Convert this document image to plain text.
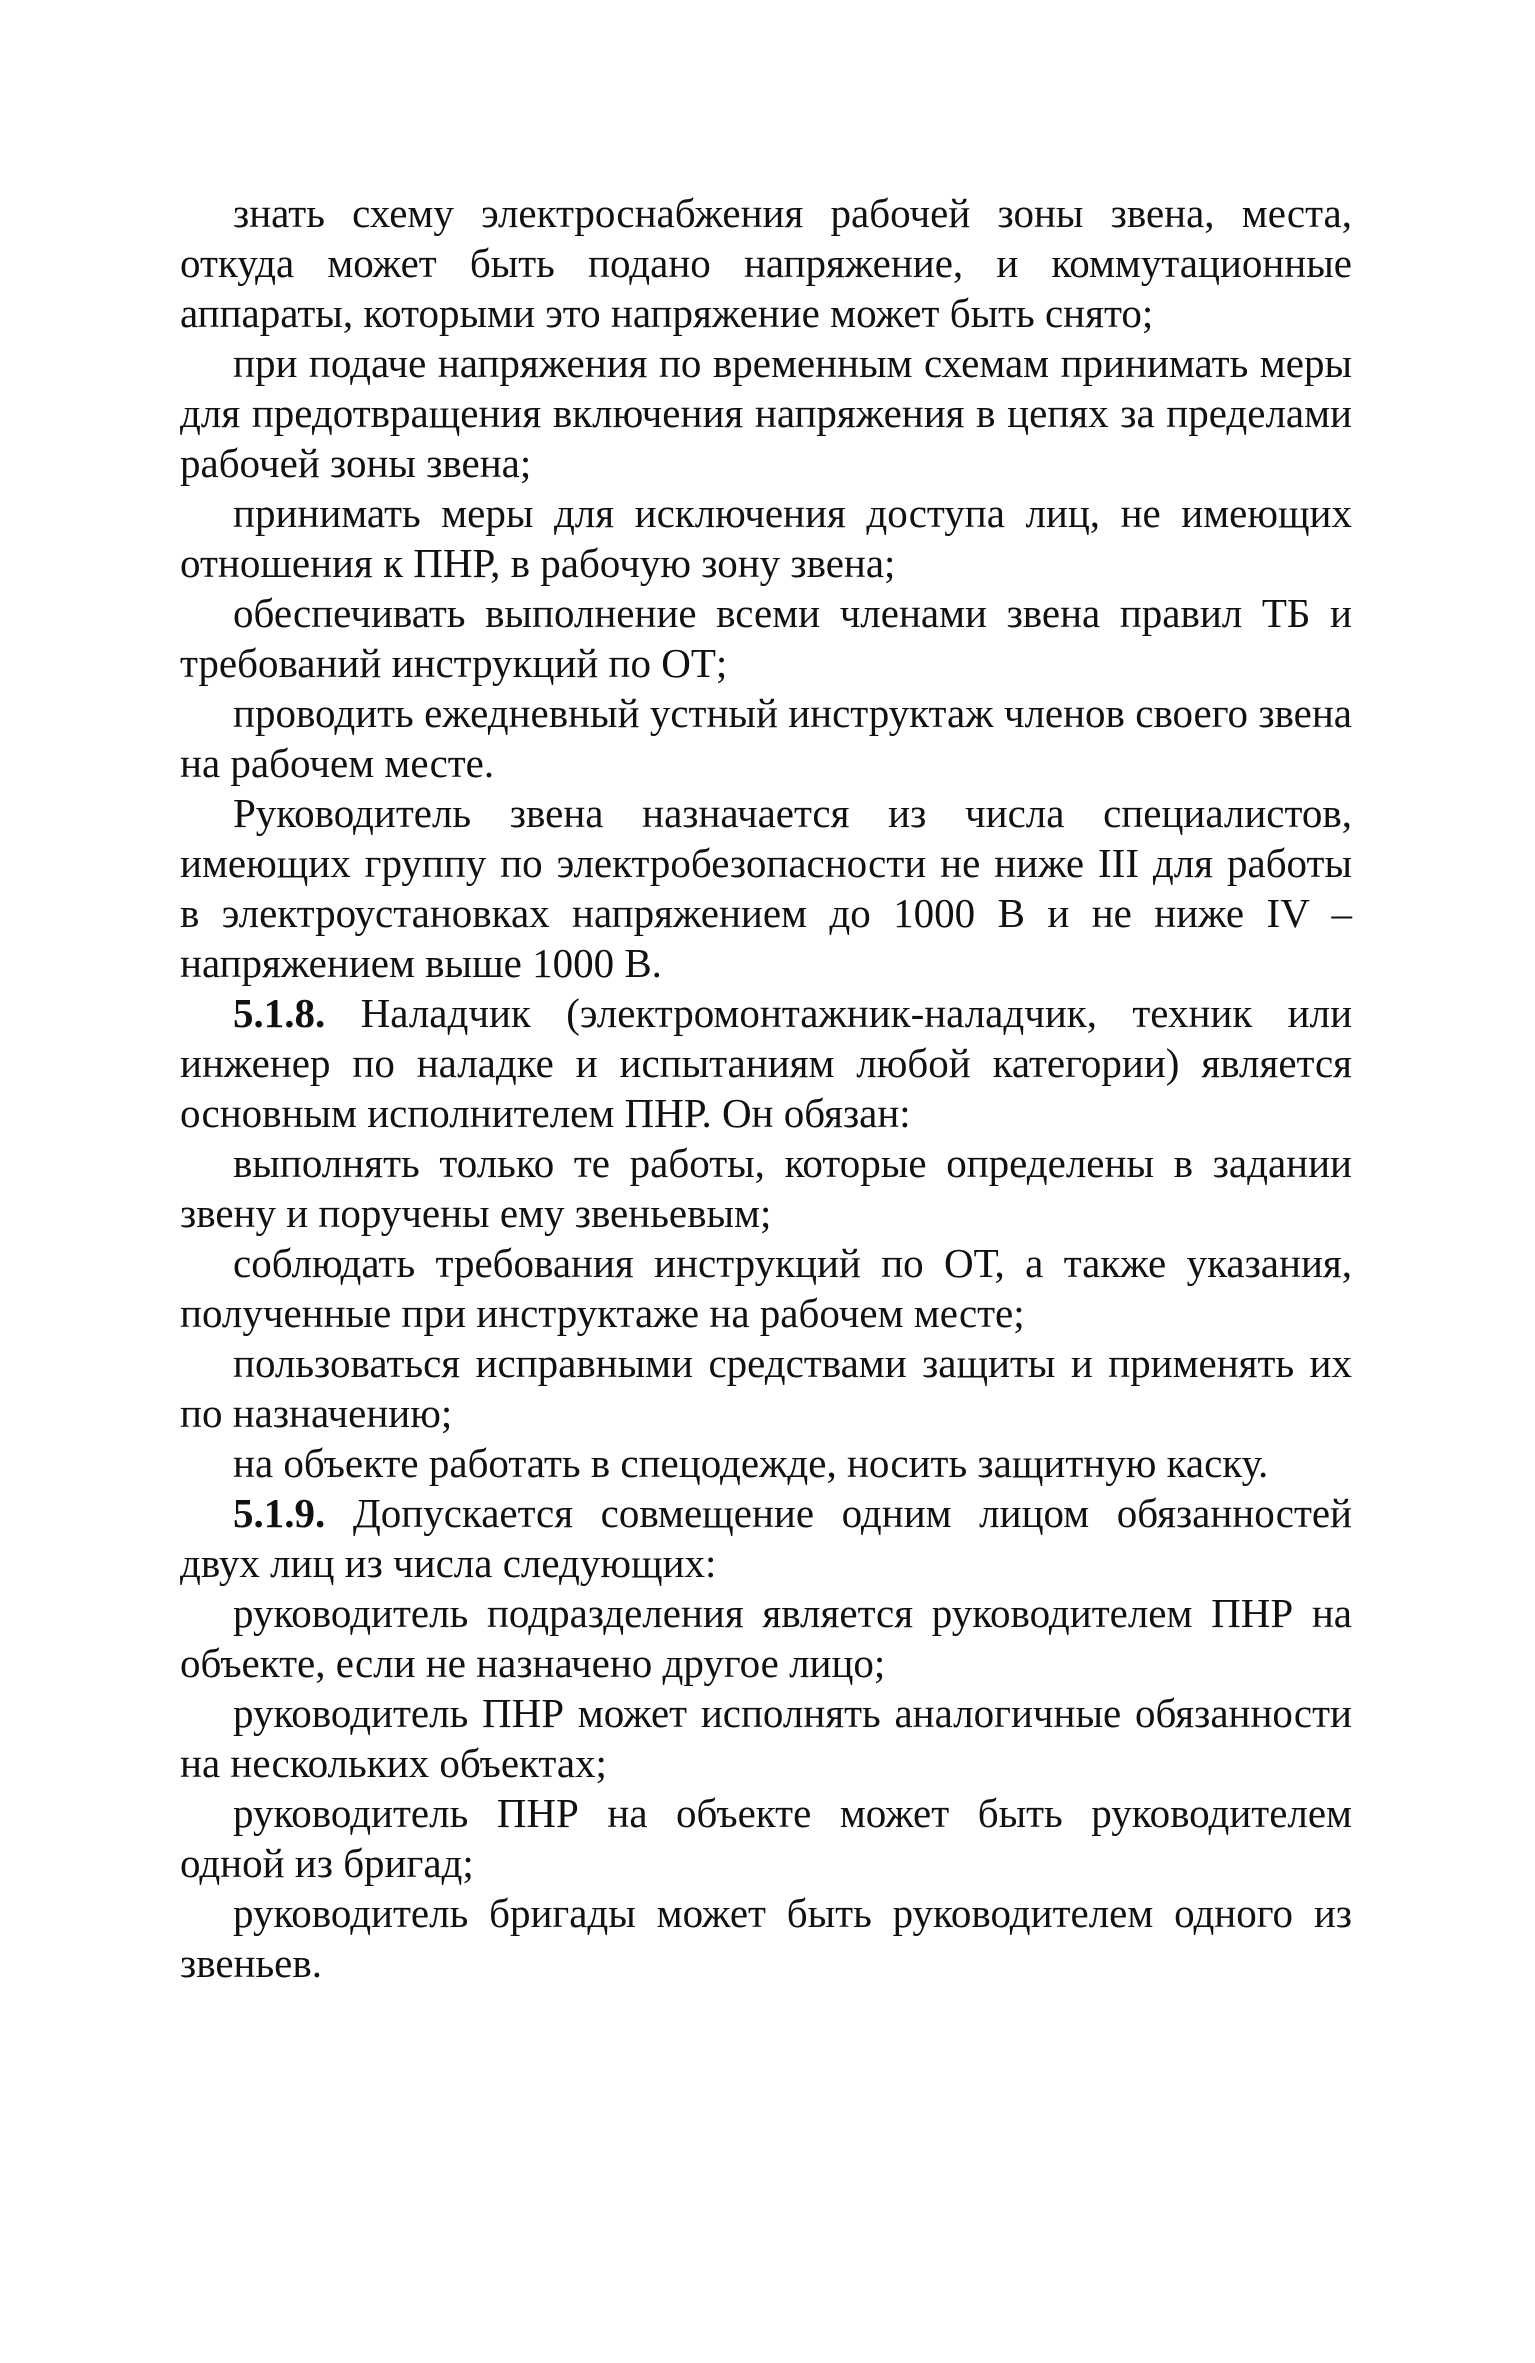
знать схему электроснабжения рабочей зоны звена, места, откуда может быть подано напряжение, и коммутационные аппараты, которыми это напряжение может быть снято;

при подаче напряжения по временным схемам принимать меры для предотвращения включения напряжения в цепях за пределами рабочей зоны звена;

принимать меры для исключения доступа лиц, не имеющих отношения к ПНР, в рабочую зону звена;

обеспечивать выполнение всеми членами звена правил ТБ и требований инструкций по ОТ;

проводить ежедневный устный инструктаж членов своего звена на рабочем месте.

Руководитель звена назначается из числа специалистов, имеющих группу по электробезопасности не ниже III для работы в электроустановках напряжением до 1000 В и не ниже IV – напряжением выше 1000 В.

5.1.8. Наладчик (электромонтажник-наладчик, техник или инженер по наладке и испытаниям любой категории) является основным исполнителем ПНР. Он обязан:

выполнять только те работы, которые определены в задании звену и поручены ему звеньевым;

соблюдать требования инструкций по ОТ, а также указания, полученные при инструктаже на рабочем месте;

пользоваться исправными средствами защиты и применять их по назначению;

на объекте работать в спецодежде, носить защитную каску.

5.1.9. Допускается совмещение одним лицом обязанностей двух лиц из числа следующих:

руководитель подразделения является руководителем ПНР на объекте, если не назначено другое лицо;

руководитель ПНР может исполнять аналогичные обязанности на нескольких объектах;

руководитель ПНР на объекте может быть руководителем одной из бригад;

руководитель бригады может быть руководителем одного из звеньев.
